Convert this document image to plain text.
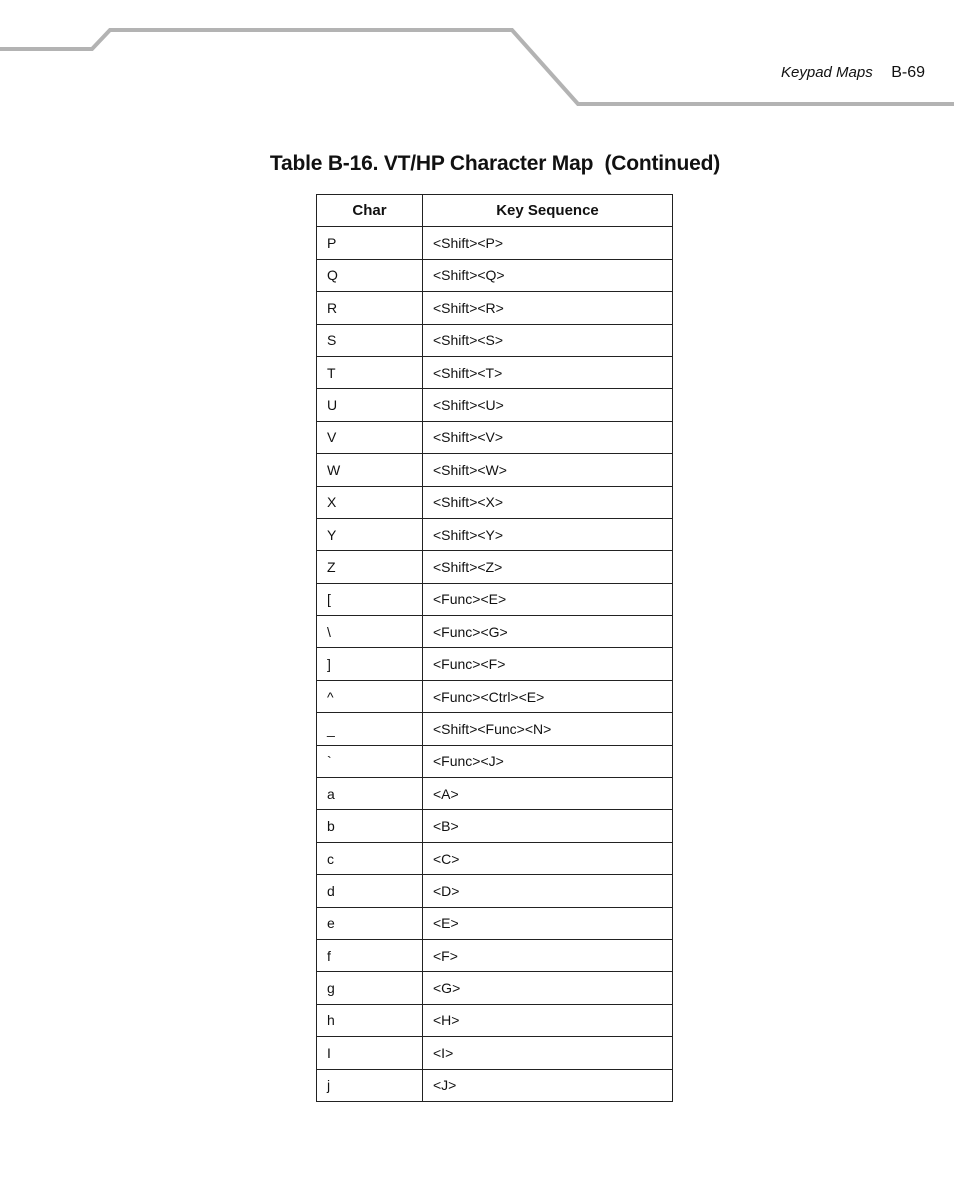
Keypad Maps B-69
Table B-16. VT/HP Character Map  (Continued)
Char	Key Sequence
P	<Shift><P>
Q	<Shift><Q>
R	<Shift><R>
S	<Shift><S>
T	<Shift><T>
U	<Shift><U>
V	<Shift><V>
W	<Shift><W>
X	<Shift><X>
Y	<Shift><Y>
Z	<Shift><Z>
[	<Func><E>
\	<Func><G>
]	<Func><F>
^	<Func><Ctrl><E>
_	<Shift><Func><N>
`	<Func><J>
a	<A>
b	<B>
c	<C>
d	<D>
e	<E>
f	<F>
g	<G>
h	<H>
I	<I>
j	<J>
